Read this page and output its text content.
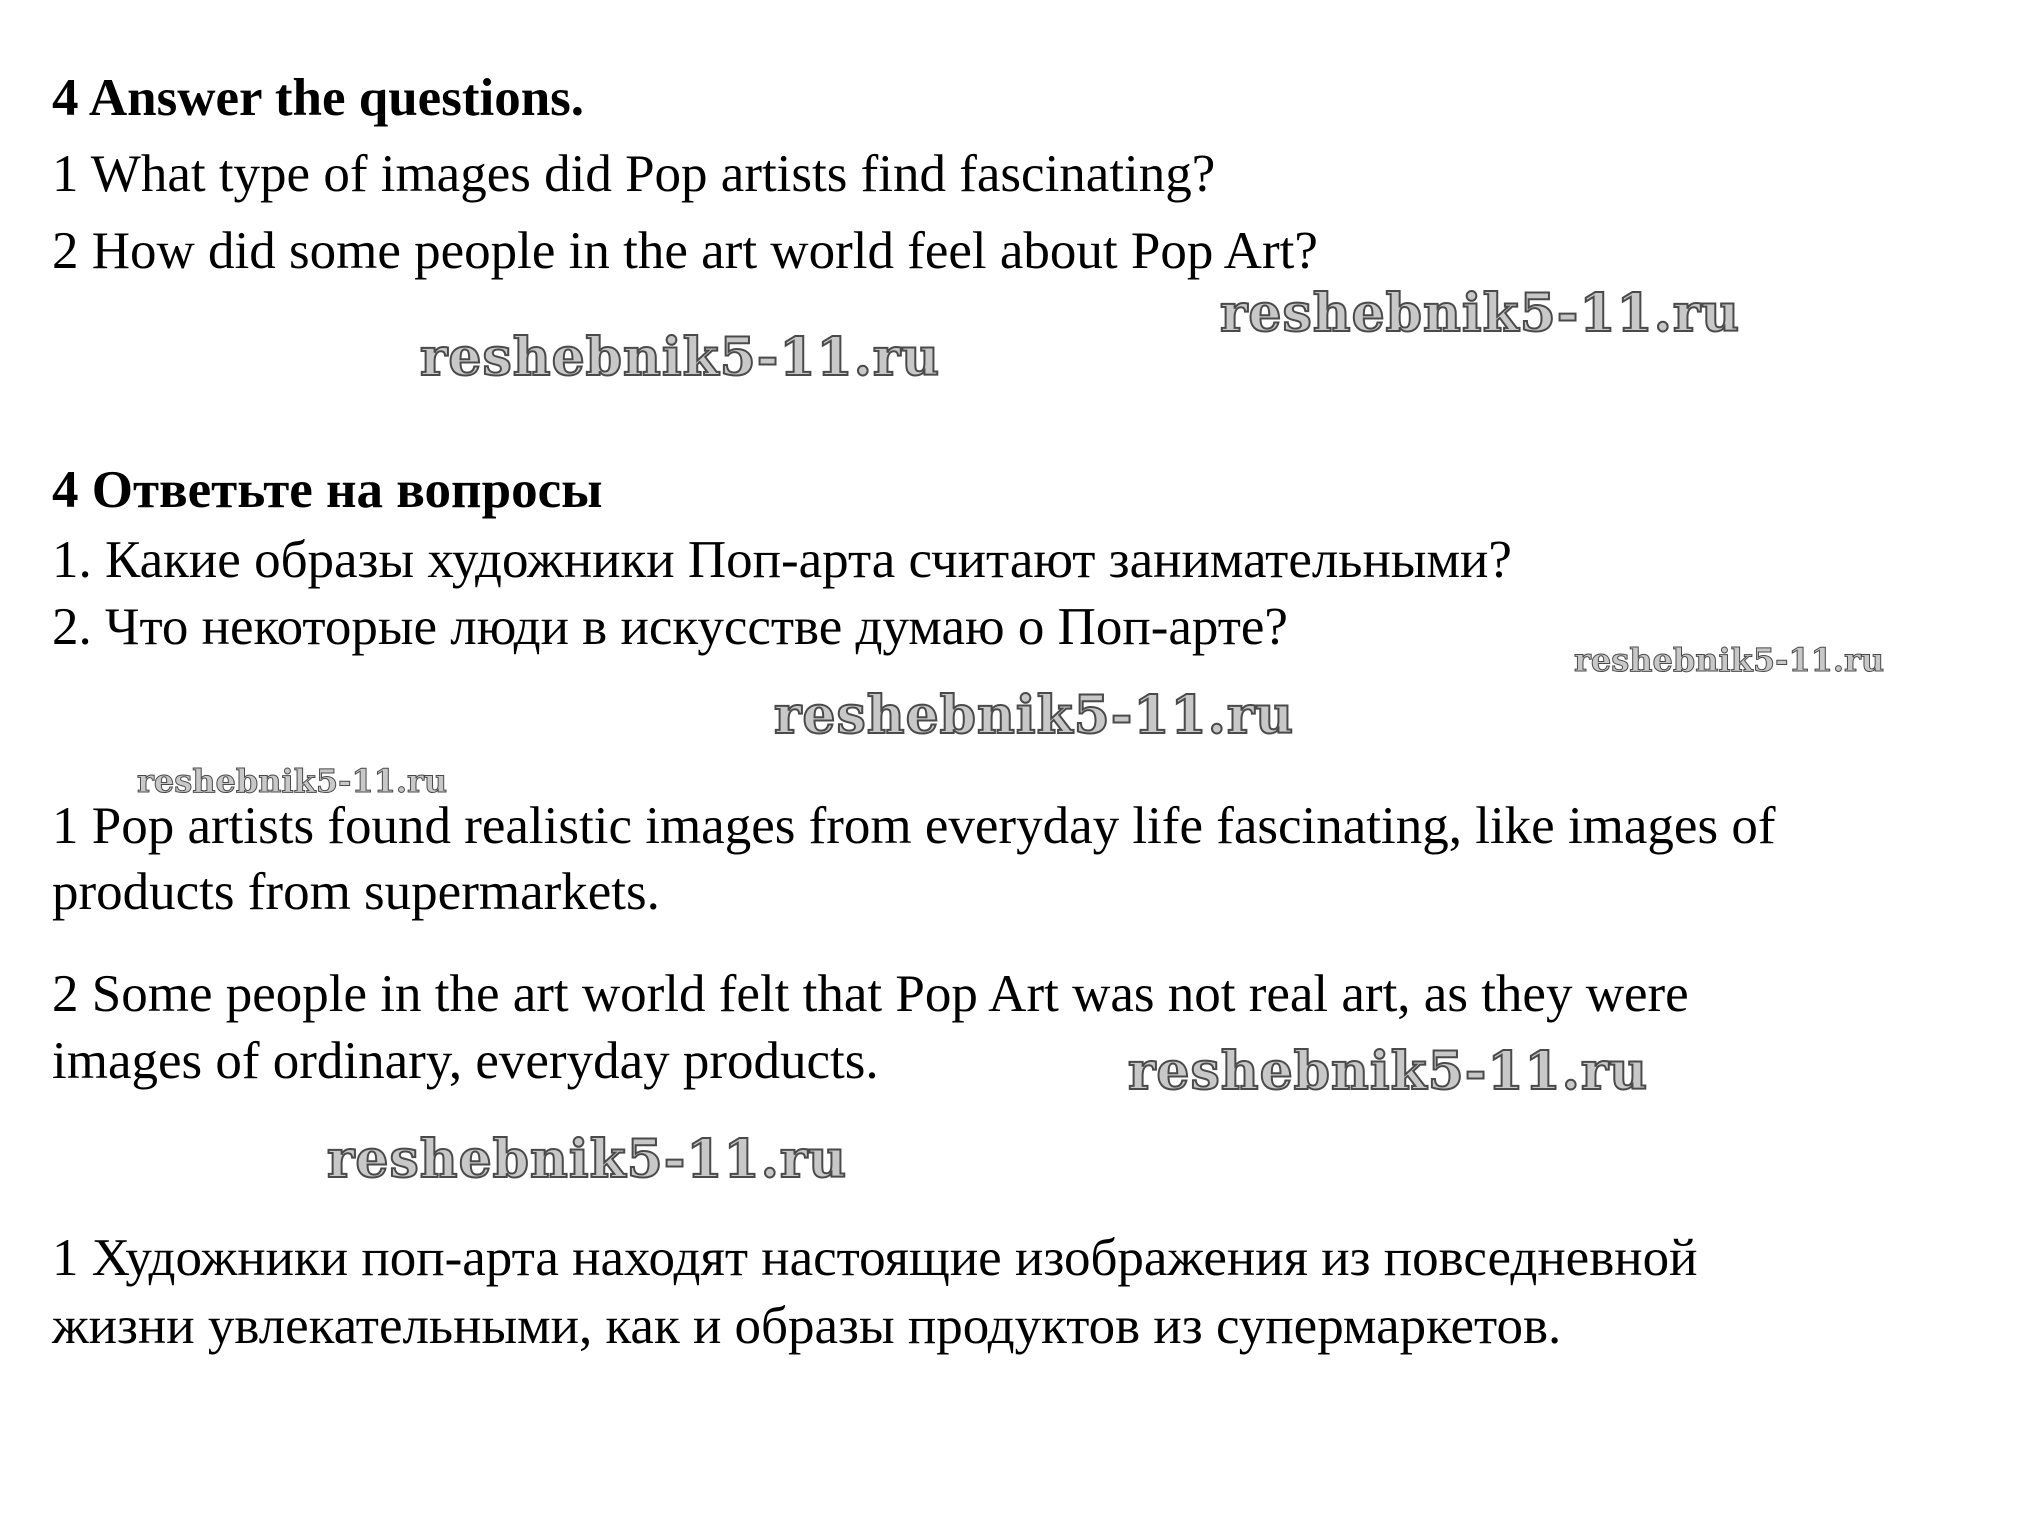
4 Answer the questions.
1 What type of images did Pop artists find fascinating?
2 How did some people in the art world feel about Pop Art?
4 Ответьте на вопросы
1. Какие образы художники Поп-арта считают занимательными?
2. Что некоторые люди в искусстве думаю о Поп-арте?
1 Pop artists found realistic images from everyday life fascinating, like images of
products from supermarkets.
2 Some people in the art world felt that Pop Art was not real art, as they were
images of ordinary, everyday products.
1 Художники поп-арта находят настоящие изображения из повседневной
жизни увлекательными, как и образы продуктов из супермаркетов.
reshebnik5-11.ru
reshebnik5-11.ru
reshebnik5-11.ru
reshebnik5-11.ru
reshebnik5-11.ru
reshebnik5-11.ru
reshebnik5-11.ru
